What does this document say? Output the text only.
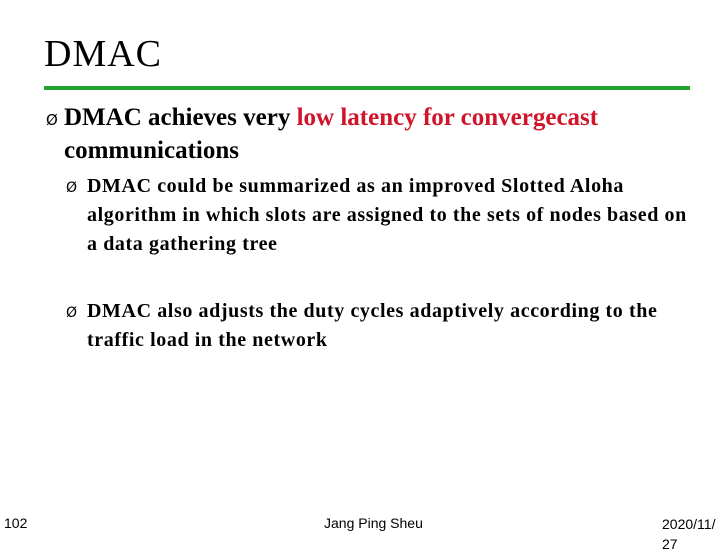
DMAC
Ø DMAC achieves very low latency for convergecast communications
Ø DMAC could be summarized as an improved Slotted Aloha algorithm in which slots are assigned to the sets of nodes based on a data gathering tree
Ø DMAC also adjusts the duty cycles adaptively according to the traffic load in the network
102	Jang Ping Sheu	2020/11/27
